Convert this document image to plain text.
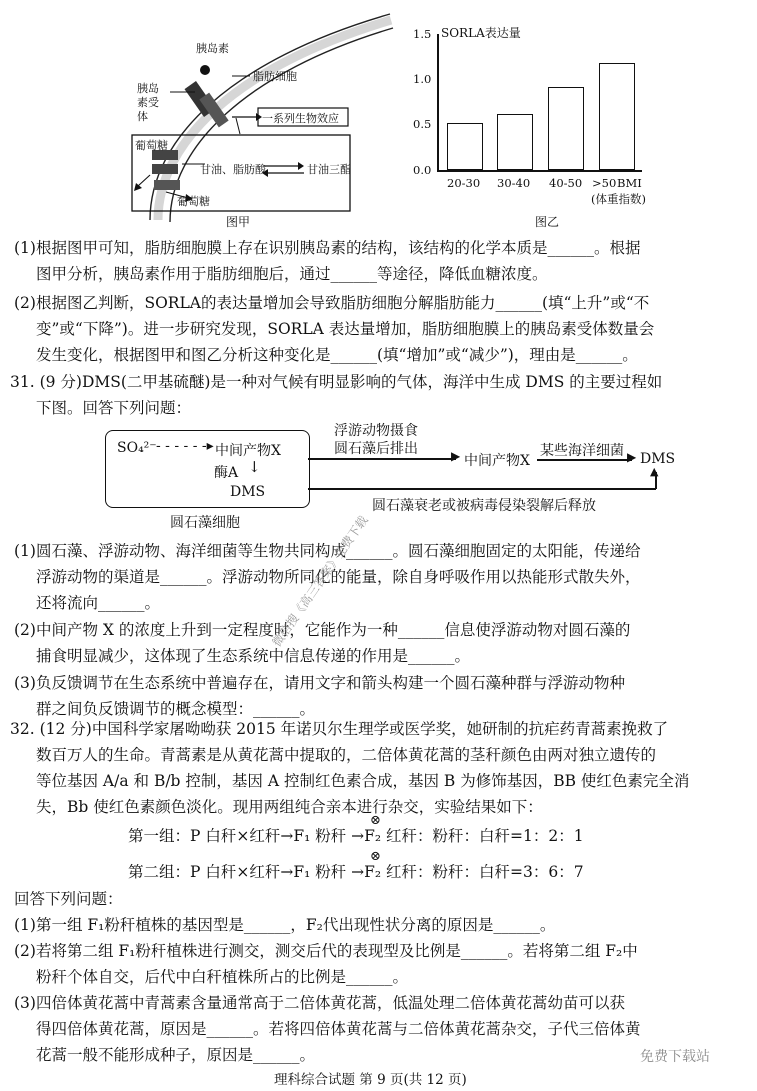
胰岛素
胰岛素受体
脂肪细胞
一系列生物效应
葡萄糖
甘油、脂肪酸	甘油三酯
葡萄糖
图甲
SORLA表达量
1.5
1.0
0.5
0.0
20-30 30-40 40-50 >50 BMI
(体重指数)
图乙
(1)根据图甲可知，脂肪细胞膜上存在识别胰岛素的结构，该结构的化学本质是______。根据
图甲分析，胰岛素作用于脂肪细胞后，通过______等途径，降低血糖浓度。
(2)根据图乙判断，SORLA的表达量增加会导致脂肪细胞分解脂肪能力______(填“上升”或“不
变”或“下降”)。进一步研究发现，SORLA 表达量增加，脂肪细胞膜上的胰岛素受体数量会
发生变化，根据图甲和图乙分析这种变化是______(填“增加”或“减少”)，理由是______。
31. (9 分)DMS(二甲基硫醚)是一种对气候有明显影响的气体，海洋中生成 DMS 的主要过程如
下图。回答下列问题：
SO₄²⁻ - - - - - -▸ 中间产物X
酶A ↓
DMS
圆石藻细胞
▶
浮游动物摄食
圆石藻后排出
中间产物X	▶
某些海洋细菌 DMS
▲
圆石藻衰老或被病毒侵染裂解后释放
(1)圆石藻、浮游动物、海洋细菌等生物共同构成______。圆石藻细胞固定的太阳能，传递给
浮游动物的渠道是______。浮游动物所同化的能量，除自身呼吸作用以热能形式散失外，
还将流向______。
(2)中间产物 X 的浓度上升到一定程度时，它能作为一种______信息使浮游动物对圆石藻的
捕食明显减少，这体现了生态系统中信息传递的作用是______。
(3)负反馈调节在生态系统中普遍存在，请用文字和箭头构建一个圆石藻种群与浮游动物种
群之间负反馈调节的概念模型：______。
32. (12 分)中国科学家屠呦呦获 2015 年诺贝尔生理学或医学奖，她研制的抗疟药青蒿素挽救了
数百万人的生命。青蒿素是从黄花蒿中提取的，二倍体黄花蒿的茎秆颜色由两对独立遗传的
等位基因 A/a 和 B/b 控制，基因 A 控制红色素合成，基因 B 为修饰基因，BB 使红色素完全消
失，Bb 使红色素颜色淡化。现用两组纯合亲本进行杂交，实验结果如下：
⊗
第一组：P 白秆×红秆→F₁ 粉秆 →F₂ 红秆：粉秆：白秆=1：2：1
⊗
第二组：P 白秆×红秆→F₁ 粉秆 →F₂ 红秆：粉秆：白秆=3：6：7
回答下列问题：
(1)第一组 F₁粉秆植株的基因型是______，F₂代出现性状分离的原因是______。
(2)若将第二组 F₁粉秆植株进行测交，测交后代的表现型及比例是______。若将第二组 F₂中
粉秆个体自交，后代中白秆植株所占的比例是______。
(3)四倍体黄花蒿中青蒿素含量通常高于二倍体黄花蒿，低温处理二倍体黄花蒿幼苗可以获
得四倍体黄花蒿，原因是______。若将四倍体黄花蒿与二倍体黄花蒿杂交，子代三倍体黄
花蒿一般不能形成种子，原因是______。
理科综合试题 第 9 页(共 12 页)
微信搜《高三答案》免费下载
免费下载站
